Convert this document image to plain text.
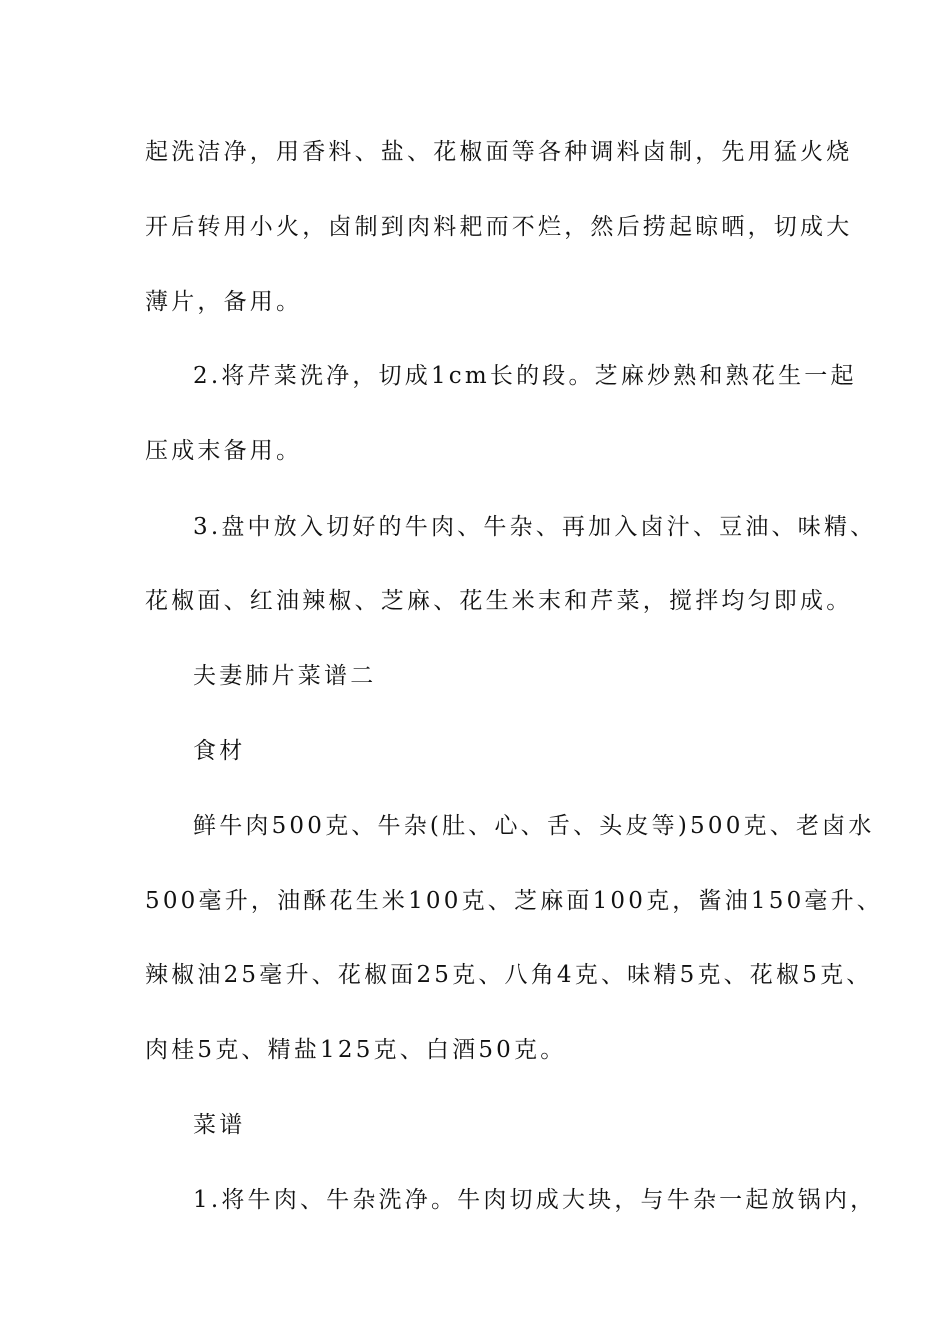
起洗洁净，用香料、盐、花椒面等各种调料卤制，先用猛火烧
开后转用小火，卤制到肉料耙而不烂，然后捞起晾晒，切成大
薄片，备用。
2.将芹菜洗净，切成1cm长的段。芝麻炒熟和熟花生一起
压成末备用。
3.盘中放入切好的牛肉、牛杂、再加入卤汁、豆油、味精、
花椒面、红油辣椒、芝麻、花生米末和芹菜，搅拌均匀即成。
夫妻肺片菜谱二
食材
鲜牛肉500克、牛杂(肚、心、舌、头皮等)500克、老卤水
500毫升，油酥花生米100克、芝麻面100克，酱油150毫升、
辣椒油25毫升、花椒面25克、八角4克、味精5克、花椒5克、
肉桂5克、精盐125克、白酒50克。
菜谱
1.将牛肉、牛杂洗净。牛肉切成大块，与牛杂一起放锅内，
